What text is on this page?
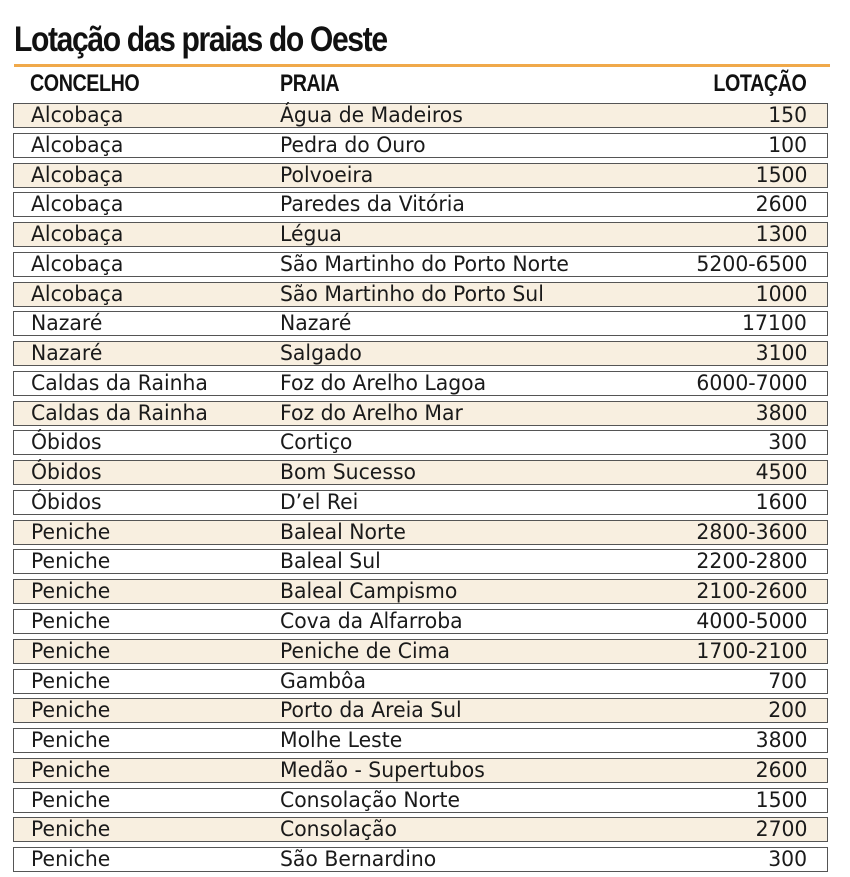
Lotação das praias do Oeste
CONCELHO	PRAIA	LOTAÇÃO
Alcobaça	Água de Madeiros	150
Alcobaça	Pedra do Ouro	100
Alcobaça	Polvoeira	1500
Alcobaça	Paredes da Vitória	2600
Alcobaça	Légua	1300
Alcobaça	São Martinho do Porto Norte	5200-6500
Alcobaça	São Martinho do Porto Sul	1000
Nazaré	Nazaré	17100
Nazaré	Salgado	3100
Caldas da Rainha	Foz do Arelho Lagoa	6000-7000
Caldas da Rainha	Foz do Arelho Mar	3800
Óbidos	Cortiço	300
Óbidos	Bom Sucesso	4500
Óbidos	D’el Rei	1600
Peniche	Baleal Norte	2800-3600
Peniche	Baleal Sul	2200-2800
Peniche	Baleal Campismo	2100-2600
Peniche	Cova da Alfarroba	4000-5000
Peniche	Peniche de Cima	1700-2100
Peniche	Gambôa	700
Peniche	Porto da Areia Sul	200
Peniche	Molhe Leste	3800
Peniche	Medão - Supertubos	2600
Peniche	Consolação Norte	1500
Peniche	Consolação	2700
Peniche	São Bernardino	300
